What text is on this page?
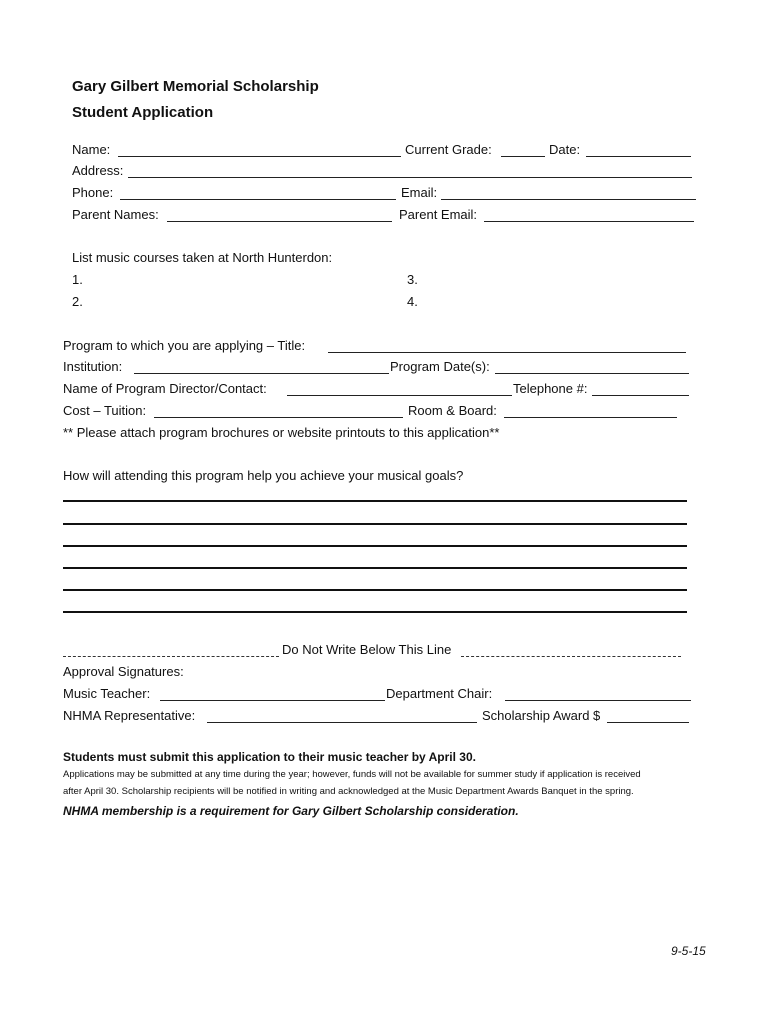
Gary Gilbert Memorial Scholarship
Student Application
Name:	Current Grade:	Date:
Address:
Phone:	Email:
Parent Names:	Parent Email:
List music courses taken at North Hunterdon:
1.
2.
3.
4.
Program to which you are applying – Title:
Institution:	Program Date(s):
Name of Program Director/Contact:	Telephone #:
Cost – Tuition:	Room & Board:
** Please attach program brochures or website printouts to this application**
How will attending this program help you achieve your musical goals?
Do Not Write Below This Line
Approval Signatures:
Music Teacher:	Department Chair:
NHMA Representative:	Scholarship Award $
Students must submit this application to their music teacher by April 30.
Applications may be submitted at any time during the year; however, funds will not be available for summer study if application is received
after April 30. Scholarship recipients will be notified in writing and acknowledged at the Music Department Awards Banquet in the spring.
NHMA membership is a requirement for Gary Gilbert Scholarship consideration.
9-5-15
